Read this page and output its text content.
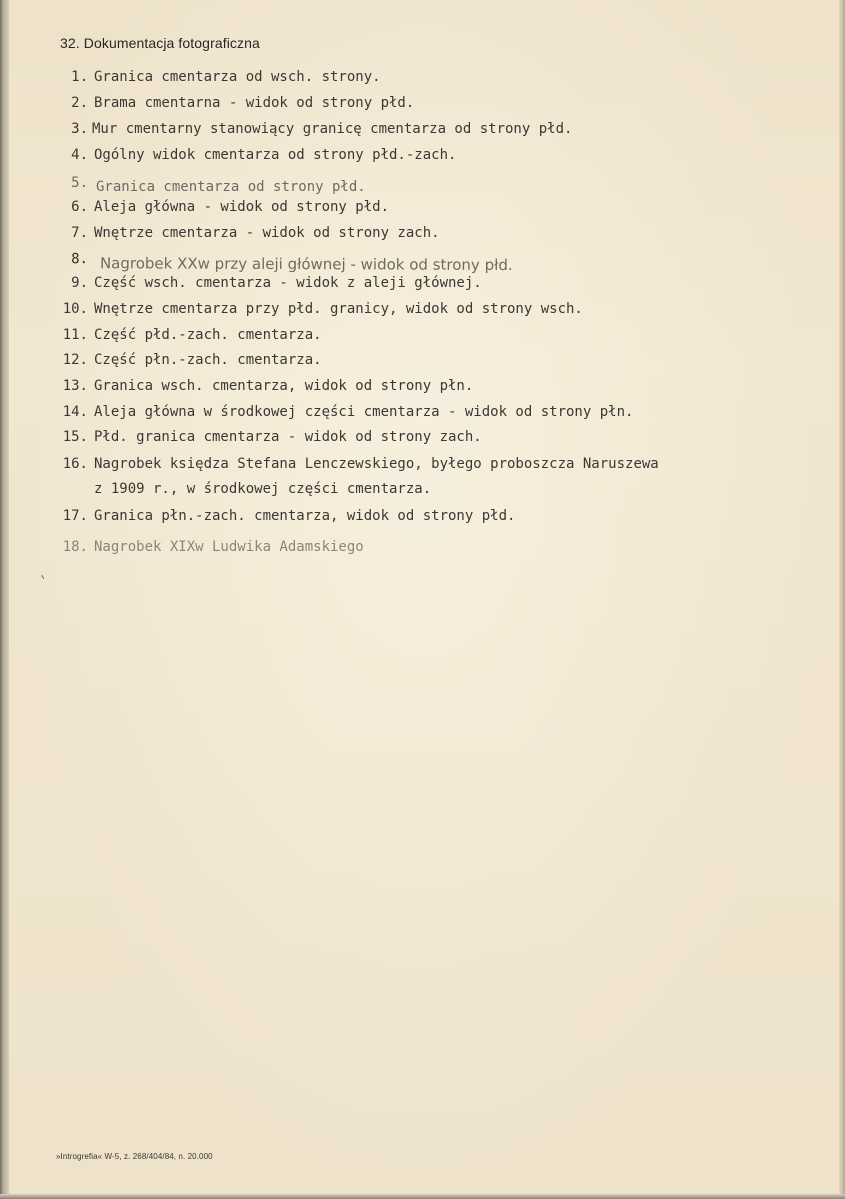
32. Dokumentacja fotograficzna
1. Granica cmentarza od wsch. strony.
2. Brama cmentarna - widok od strony płd.
3. Mur cmentarny stanowiący granicę cmentarza od strony płd.
4. Ogólny widok cmentarza od strony płd.-zach.
5. Granica cmentarza od strony płd.
6. Aleja główna - widok od strony płd.
7. Wnętrze cmentarza - widok od strony zach.
8. Nagrobek XXw przy aleji głównej - widok od strony płd.
9. Część wsch. cmentarza - widok z aleji głównej.
10. Wnętrze cmentarza przy płd. granicy, widok od strony wsch.
11. Część płd.-zach. cmentarza.
12. Część płn.-zach. cmentarza.
13. Granica wsch. cmentarza, widok od strony płn.
14. Aleja główna w środkowej części cmentarza - widok od strony płn.
15. Płd. granica cmentarza - widok od strony zach.
16. Nagrobek księdza Stefana Lenczewskiego, byłego proboszcza Naruszewa
z 1909 r., w środkowej części cmentarza.
17. Granica płn.-zach. cmentarza, widok od strony płd.
18. Nagrobek XIXw Ludwika Adamskiego
»Introgrefia« W-5, z. 268/404/84, n. 20.000
